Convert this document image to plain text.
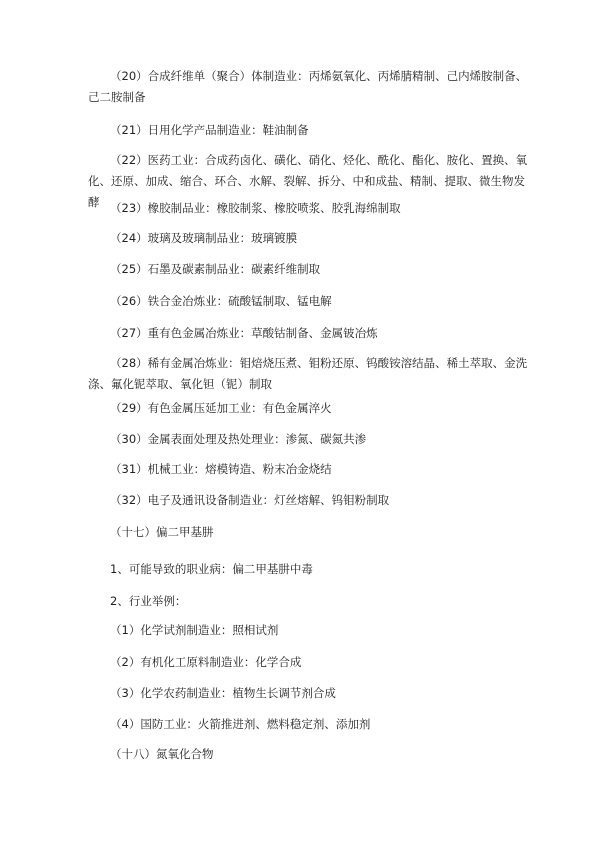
（20）合成纤维单（聚合）体制造业：丙烯氨氧化、丙烯腈精制、己内烯胺制备、己二胺制备

（21）日用化学产品制造业：鞋油制备

（22）医药工业：合成药卤化、磺化、硝化、烃化、酰化、酯化、胺化、置换、氧化、还原、加成、缩合、环合、水解、裂解、拆分、中和成盐、精制、提取、微生物发酵 （23）橡胶制品业：橡胶制浆、橡胶喷浆、胶乳海绵制取

（24）玻璃及玻璃制品业：玻璃镀膜

（25）石墨及碳素制品业：碳素纤维制取

（26）铁合金冶炼业：硫酸锰制取、锰电解

（27）重有色金属冶炼业：草酸钴制备、金属铍冶炼

（28）稀有金属冶炼业：钼焙烧压煮、钼粉还原、钨酸铵溶结晶、稀土萃取、金洗涤、氟化铌萃取、氧化钽（铌）制取

（29）有色金属压延加工业：有色金属淬火

（30）金属表面处理及热处理业：渗氮、碳氮共渗

（31）机械工业：熔模铸造、粉末冶金烧结

（32）电子及通讯设备制造业：灯丝熔解、钨钼粉制取

（十七）偏二甲基肼

1、可能导致的职业病：偏二甲基肼中毒

2、行业举例：

（1）化学试剂制造业：照相试剂

（2）有机化工原料制造业：化学合成

（3）化学农药制造业：植物生长调节剂合成

（4）国防工业：火箭推进剂、燃料稳定剂、添加剂

（十八）氮氧化合物
